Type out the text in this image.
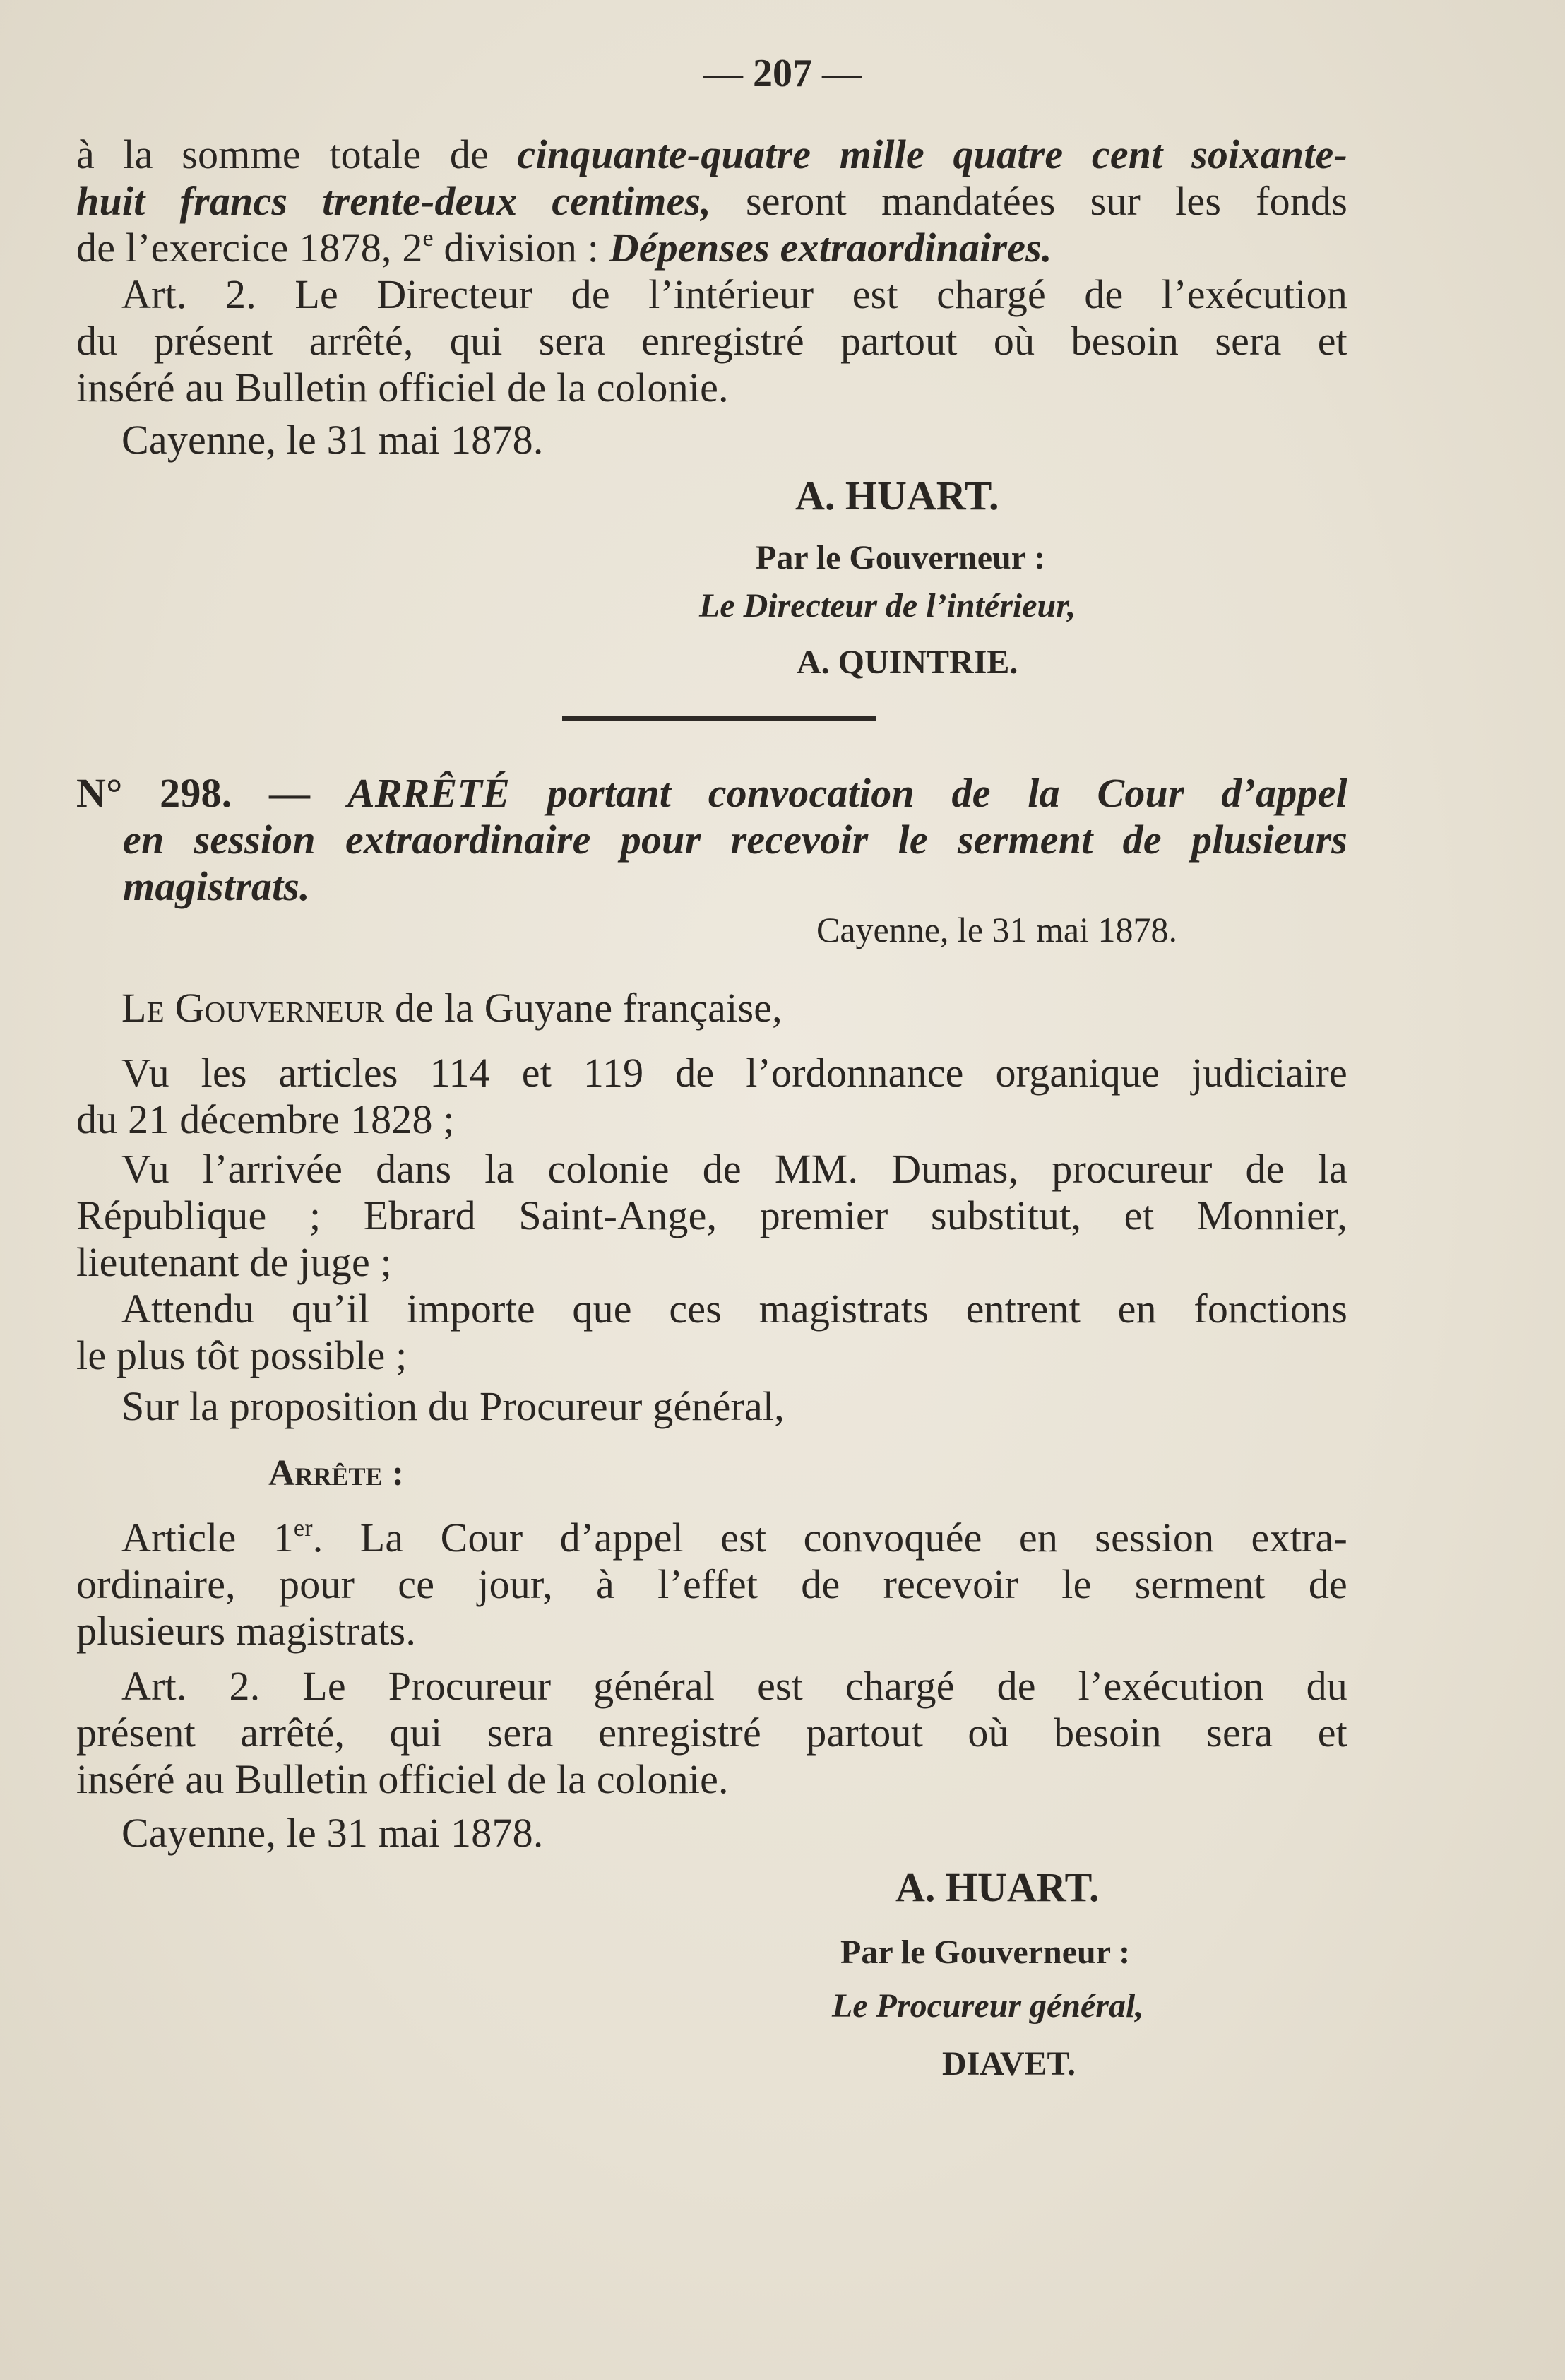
— 207 —
à la somme totale de cinquante-quatre mille quatre cent soixante-
huit francs trente-deux centimes, seront mandatées sur les fonds
de l’exercice 1878, 2e division : Dépenses extraordinaires.
Art. 2. Le Directeur de l’intérieur est chargé de l’exécution
du présent arrêté, qui sera enregistré partout où besoin sera et
inséré au Bulletin officiel de la colonie.
Cayenne, le 31 mai 1878.
A. HUART.
Par le Gouverneur :
Le Directeur de l’intérieur,
A. QUINTRIE.
N° 298. — ARRÊTÉ portant convocation de la Cour d’appel
en session extraordinaire pour recevoir le serment de plusieurs
magistrats.
Cayenne, le 31 mai 1878.
Le Gouverneur de la Guyane française,
Vu les articles 114 et 119 de l’ordonnance organique judiciaire
du 21 décembre 1828 ;
Vu l’arrivée dans la colonie de MM. Dumas, procureur de la
République ; Ebrard Saint-Ange, premier substitut, et Monnier,
lieutenant de juge ;
Attendu qu’il importe que ces magistrats entrent en fonctions
le plus tôt possible ;
Sur la proposition du Procureur général,
Arrête :
Article 1er. La Cour d’appel est convoquée en session extra-
ordinaire, pour ce jour, à l’effet de recevoir le serment de
plusieurs magistrats.
Art. 2. Le Procureur général est chargé de l’exécution du
présent arrêté, qui sera enregistré partout où besoin sera et
inséré au Bulletin officiel de la colonie.
Cayenne, le 31 mai 1878.
A. HUART.
Par le Gouverneur :
Le Procureur général,
DIAVET.
